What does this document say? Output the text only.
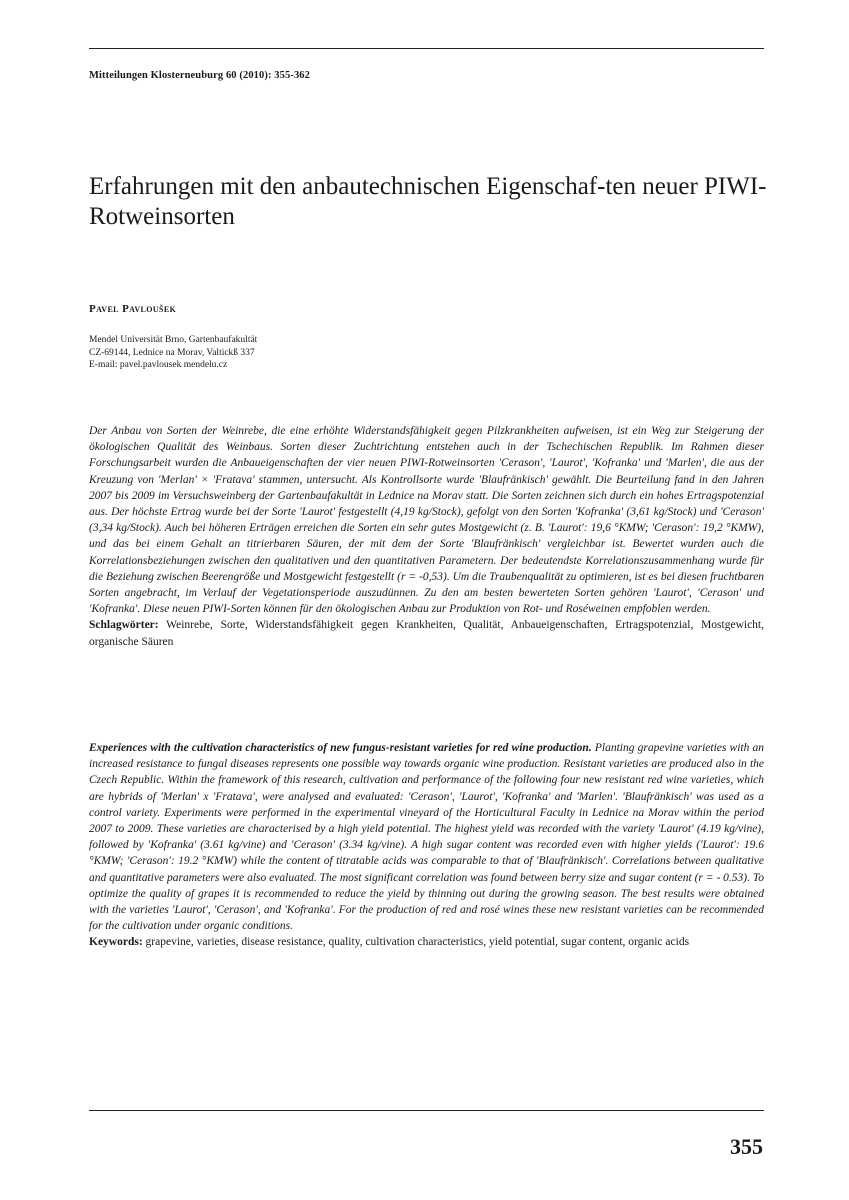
Mitteilungen Klosterneuburg 60 (2010): 355-362
Erfahrungen mit den anbautechnischen Eigenschaf-ten neuer PIWI-Rotweinsorten
Pavel Pavloušek
Mendel Universität Brno, Gartenbaufakultät
CZ-69144, Lednice na Morav, Valtickß 337
E-mail: pavel.pavlousek mendelu.cz

Der Anbau von Sorten der Weinrebe, die eine erhöhte Widerstandsfähigkeit gegen Pilzkrankheiten aufweisen, ist ein Weg zur Steigerung der ökologischen Qualität des Weinbaus. Sorten dieser Zuchtrichtung entstehen auch in der Tschechischen Republik. Im Rahmen dieser Forschungsarbeit wurden die Anbaueigenschaften der vier neuen PIWI-Rotweinsorten 'Cerason', 'Laurot', 'Kofranka' und 'Marlen', die aus der Kreuzung von 'Merlan' × 'Fratava' stammen, untersucht. Als Kontrollsorte wurde 'Blaufränkisch' gewählt. Die Beurteilung fand in den Jahren 2007 bis 2009 im Versuchsweinberg der Gartenbaufakultät in Lednice na Morav statt. Die Sorten zeichnen sich durch ein hohes Ertragspotenzial aus. Der höchste Ertrag wurde bei der Sorte 'Laurot' festgestellt (4,19 kg/Stock), gefolgt von den Sorten 'Kofranka' (3,61 kg/Stock) und 'Cerason' (3,34 kg/Stock). Auch bei höheren Erträgen erreichen die Sorten ein sehr gutes Mostgewicht (z. B. 'Laurot': 19,6 °KMW; 'Cerason': 19,2 °KMW), und das bei einem Gehalt an titrierbaren Säuren, der mit dem der Sorte 'Blaufränkisch' vergleichbar ist. Bewertet wurden auch die Korrelationsbeziehungen zwischen den qualitativen und den quantitativen Parametern. Der bedeutendste Korrelationszusammenhang wurde für die Beziehung zwischen Beerengröße und Mostgewicht festgestellt (r = -0,53). Um die Traubenqualität zu optimieren, ist es bei diesen fruchtbaren Sorten angebracht, im Verlauf der Vegetationsperiode auszudünnen. Zu den am besten bewerteten Sorten gehören 'Laurot', 'Cerason' und 'Kofranka'. Diese neuen PIWI-Sorten können für den ökologischen Anbau zur Produktion von Rot- und Roséweinen empfoblen werden.

Schlagwörter: Weinrebe, Sorte, Widerstandsfähigkeit gegen Krankheiten, Qualität, Anbaueigenschaften, Ertragspotenzial, Mostgewicht, organische Säuren

Experiences with the cultivation characteristics of new fungus-resistant varieties for red wine production. Planting grapevine varieties with an increased resistance to fungal diseases represents one possible way towards organic wine production. Resistant varieties are produced also in the Czech Republic. Within the framework of this research, cultivation and performance of the following four new resistant red wine varieties, which are hybrids of 'Merlan' x 'Fratava', were analysed and evaluated: 'Cerason', 'Laurot', 'Kofranka' and 'Marlen'. 'Blaufränkisch' was used as a control variety. Experiments were performed in the experimental vineyard of the Horticultural Faculty in Lednice na Morav within the period 2007 to 2009. These varieties are characterised by a high yield potential. The highest yield was recorded with the variety 'Laurot' (4.19 kg/vine), followed by 'Kofranka' (3.61 kg/vine) and 'Cerason' (3.34 kg/vine). A high sugar content was recorded even with higher yields ('Laurot': 19.6 °KMW; 'Cerason': 19.2 °KMW) while the content of titratable acids was comparable to that of 'Blaufränkisch'. Correlations between qualitative and quantitative parameters were also evaluated. The most significant correlation was found between berry size and sugar content (r = - 0.53). To optimize the quality of grapes it is recommended to reduce the yield by thinning out during the growing season. The best results were obtained with the varieties 'Laurot', 'Cerason', and 'Kofranka'. For the production of red and rosé wines these new resistant varieties can be recommended for the cultivation under organic conditions.

Keywords: grapevine, varieties, disease resistance, quality, cultivation characteristics, yield potential, sugar content, organic acids

355
